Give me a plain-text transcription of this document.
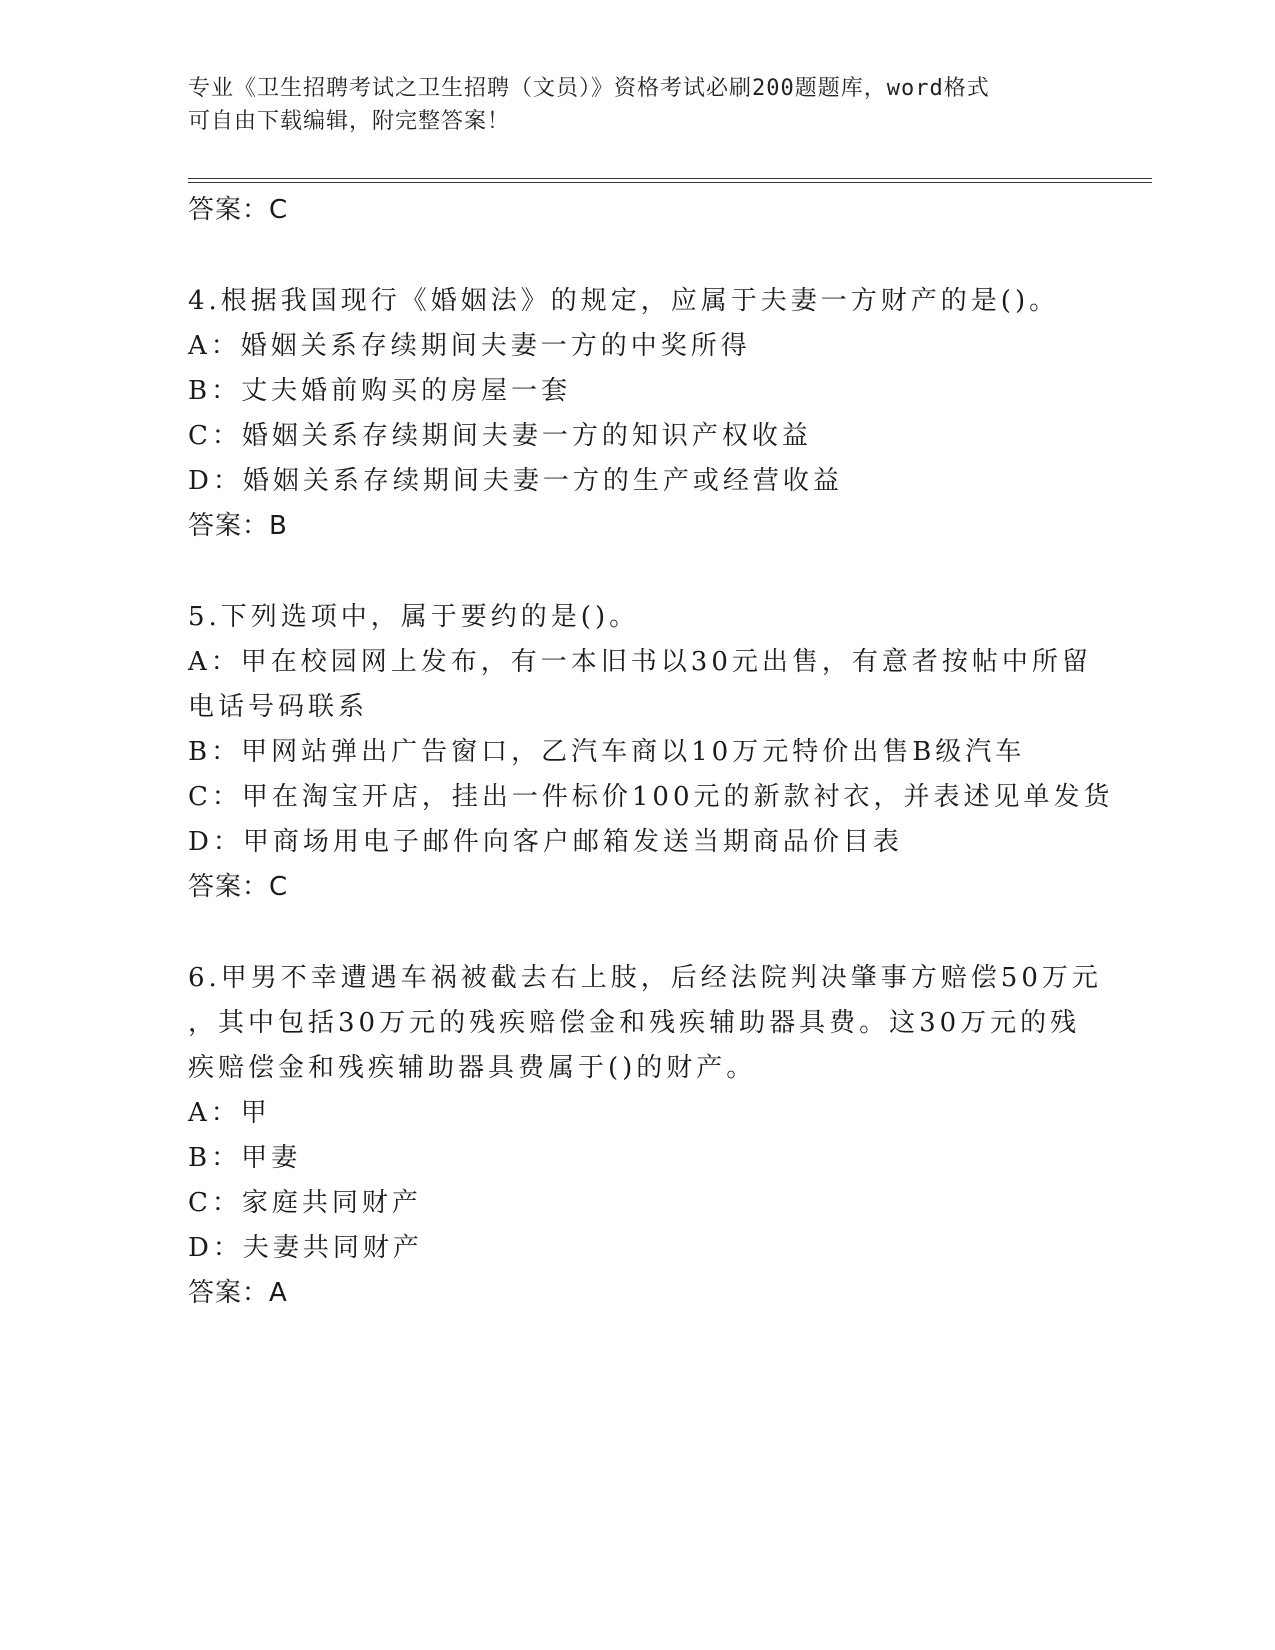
专业《卫生招聘考试之卫生招聘（文员）》资格考试必刷200题题库，word格式
可自由下载编辑，附完整答案！
答案：C
4.根据我国现行《婚姻法》的规定，应属于夫妻一方财产的是()。
A：婚姻关系存续期间夫妻一方的中奖所得
B：丈夫婚前购买的房屋一套
C：婚姻关系存续期间夫妻一方的知识产权收益
D：婚姻关系存续期间夫妻一方的生产或经营收益
答案：B
5.下列选项中，属于要约的是()。
A：甲在校园网上发布，有一本旧书以30元出售，有意者按帖中所留
电话号码联系
B：甲网站弹出广告窗口，乙汽车商以10万元特价出售B级汽车
C：甲在淘宝开店，挂出一件标价100元的新款衬衣，并表述见单发货
D：甲商场用电子邮件向客户邮箱发送当期商品价目表
答案：C
6.甲男不幸遭遇车祸被截去右上肢，后经法院判决肇事方赔偿50万元
，其中包括30万元的残疾赔偿金和残疾辅助器具费。这30万元的残
疾赔偿金和残疾辅助器具费属于()的财产。
A：甲
B：甲妻
C：家庭共同财产
D：夫妻共同财产
答案：A
